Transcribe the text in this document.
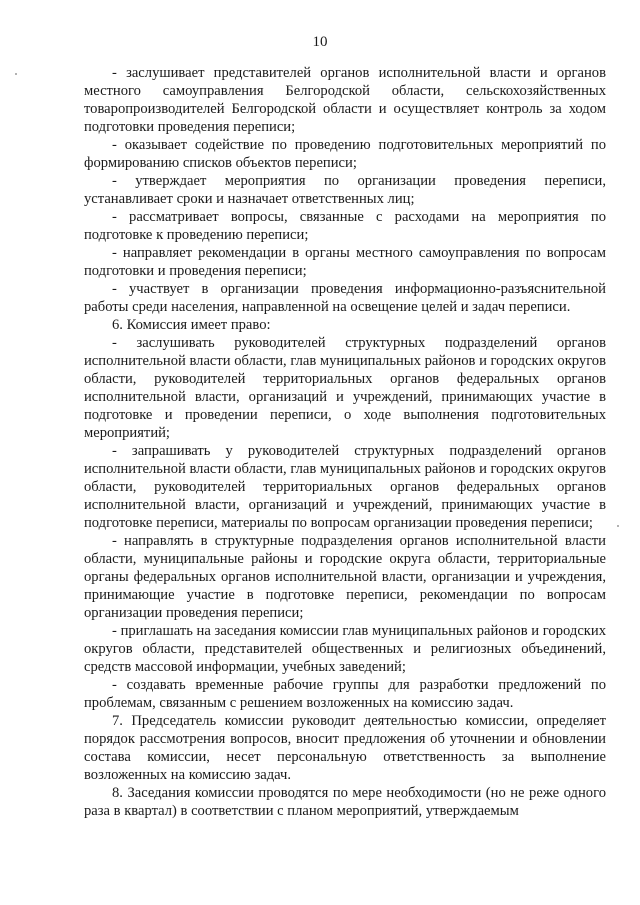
10

- заслушивает представителей органов исполнительной власти и органов местного самоуправления Белгородской области, сельскохозяйственных товаропроизводителей Белгородской области и осуществляет контроль за ходом подготовки проведения переписи;

- оказывает содействие по проведению подготовительных мероприятий по формированию списков объектов переписи;

- утверждает мероприятия по организации проведения переписи, устанавливает сроки и назначает ответственных лиц;

- рассматривает вопросы, связанные с расходами на мероприятия по подготовке к проведению переписи;

- направляет рекомендации в органы местного самоуправления по вопросам подготовки и проведения переписи;

- участвует в организации проведения информационно-разъяснительной работы среди населения, направленной на освещение целей и задач переписи.

6. Комиссия имеет право:

- заслушивать руководителей структурных подразделений органов исполнительной власти области, глав муниципальных районов и городских округов области, руководителей территориальных органов федеральных органов исполнительной власти, организаций и учреждений, принимающих участие в подготовке и проведении переписи, о ходе выполнения подготовительных мероприятий;

- запрашивать у руководителей структурных подразделений органов исполнительной власти области, глав муниципальных районов и городских округов области, руководителей территориальных органов федеральных органов исполнительной власти, организаций и учреждений, принимающих участие в подготовке переписи, материалы по вопросам организации проведения переписи;

- направлять в структурные подразделения органов исполнительной власти области, муниципальные районы и городские округа области, территориальные органы федеральных органов исполнительной власти, организации и учреждения, принимающие участие в подготовке переписи, рекомендации по вопросам организации проведения переписи;

- приглашать на заседания комиссии глав муниципальных районов и городских округов области, представителей общественных и религиозных объединений, средств массовой информации, учебных заведений;

- создавать временные рабочие группы для разработки предложений по проблемам, связанным с решением возложенных на комиссию задач.

7. Председатель комиссии руководит деятельностью комиссии, определяет порядок рассмотрения вопросов, вносит предложения об уточнении и обновлении состава комиссии, несет персональную ответственность за выполнение возложенных на комиссию задач.

8. Заседания комиссии проводятся по мере необходимости (но не реже одного раза в квартал) в соответствии с планом мероприятий, утверждаемым
